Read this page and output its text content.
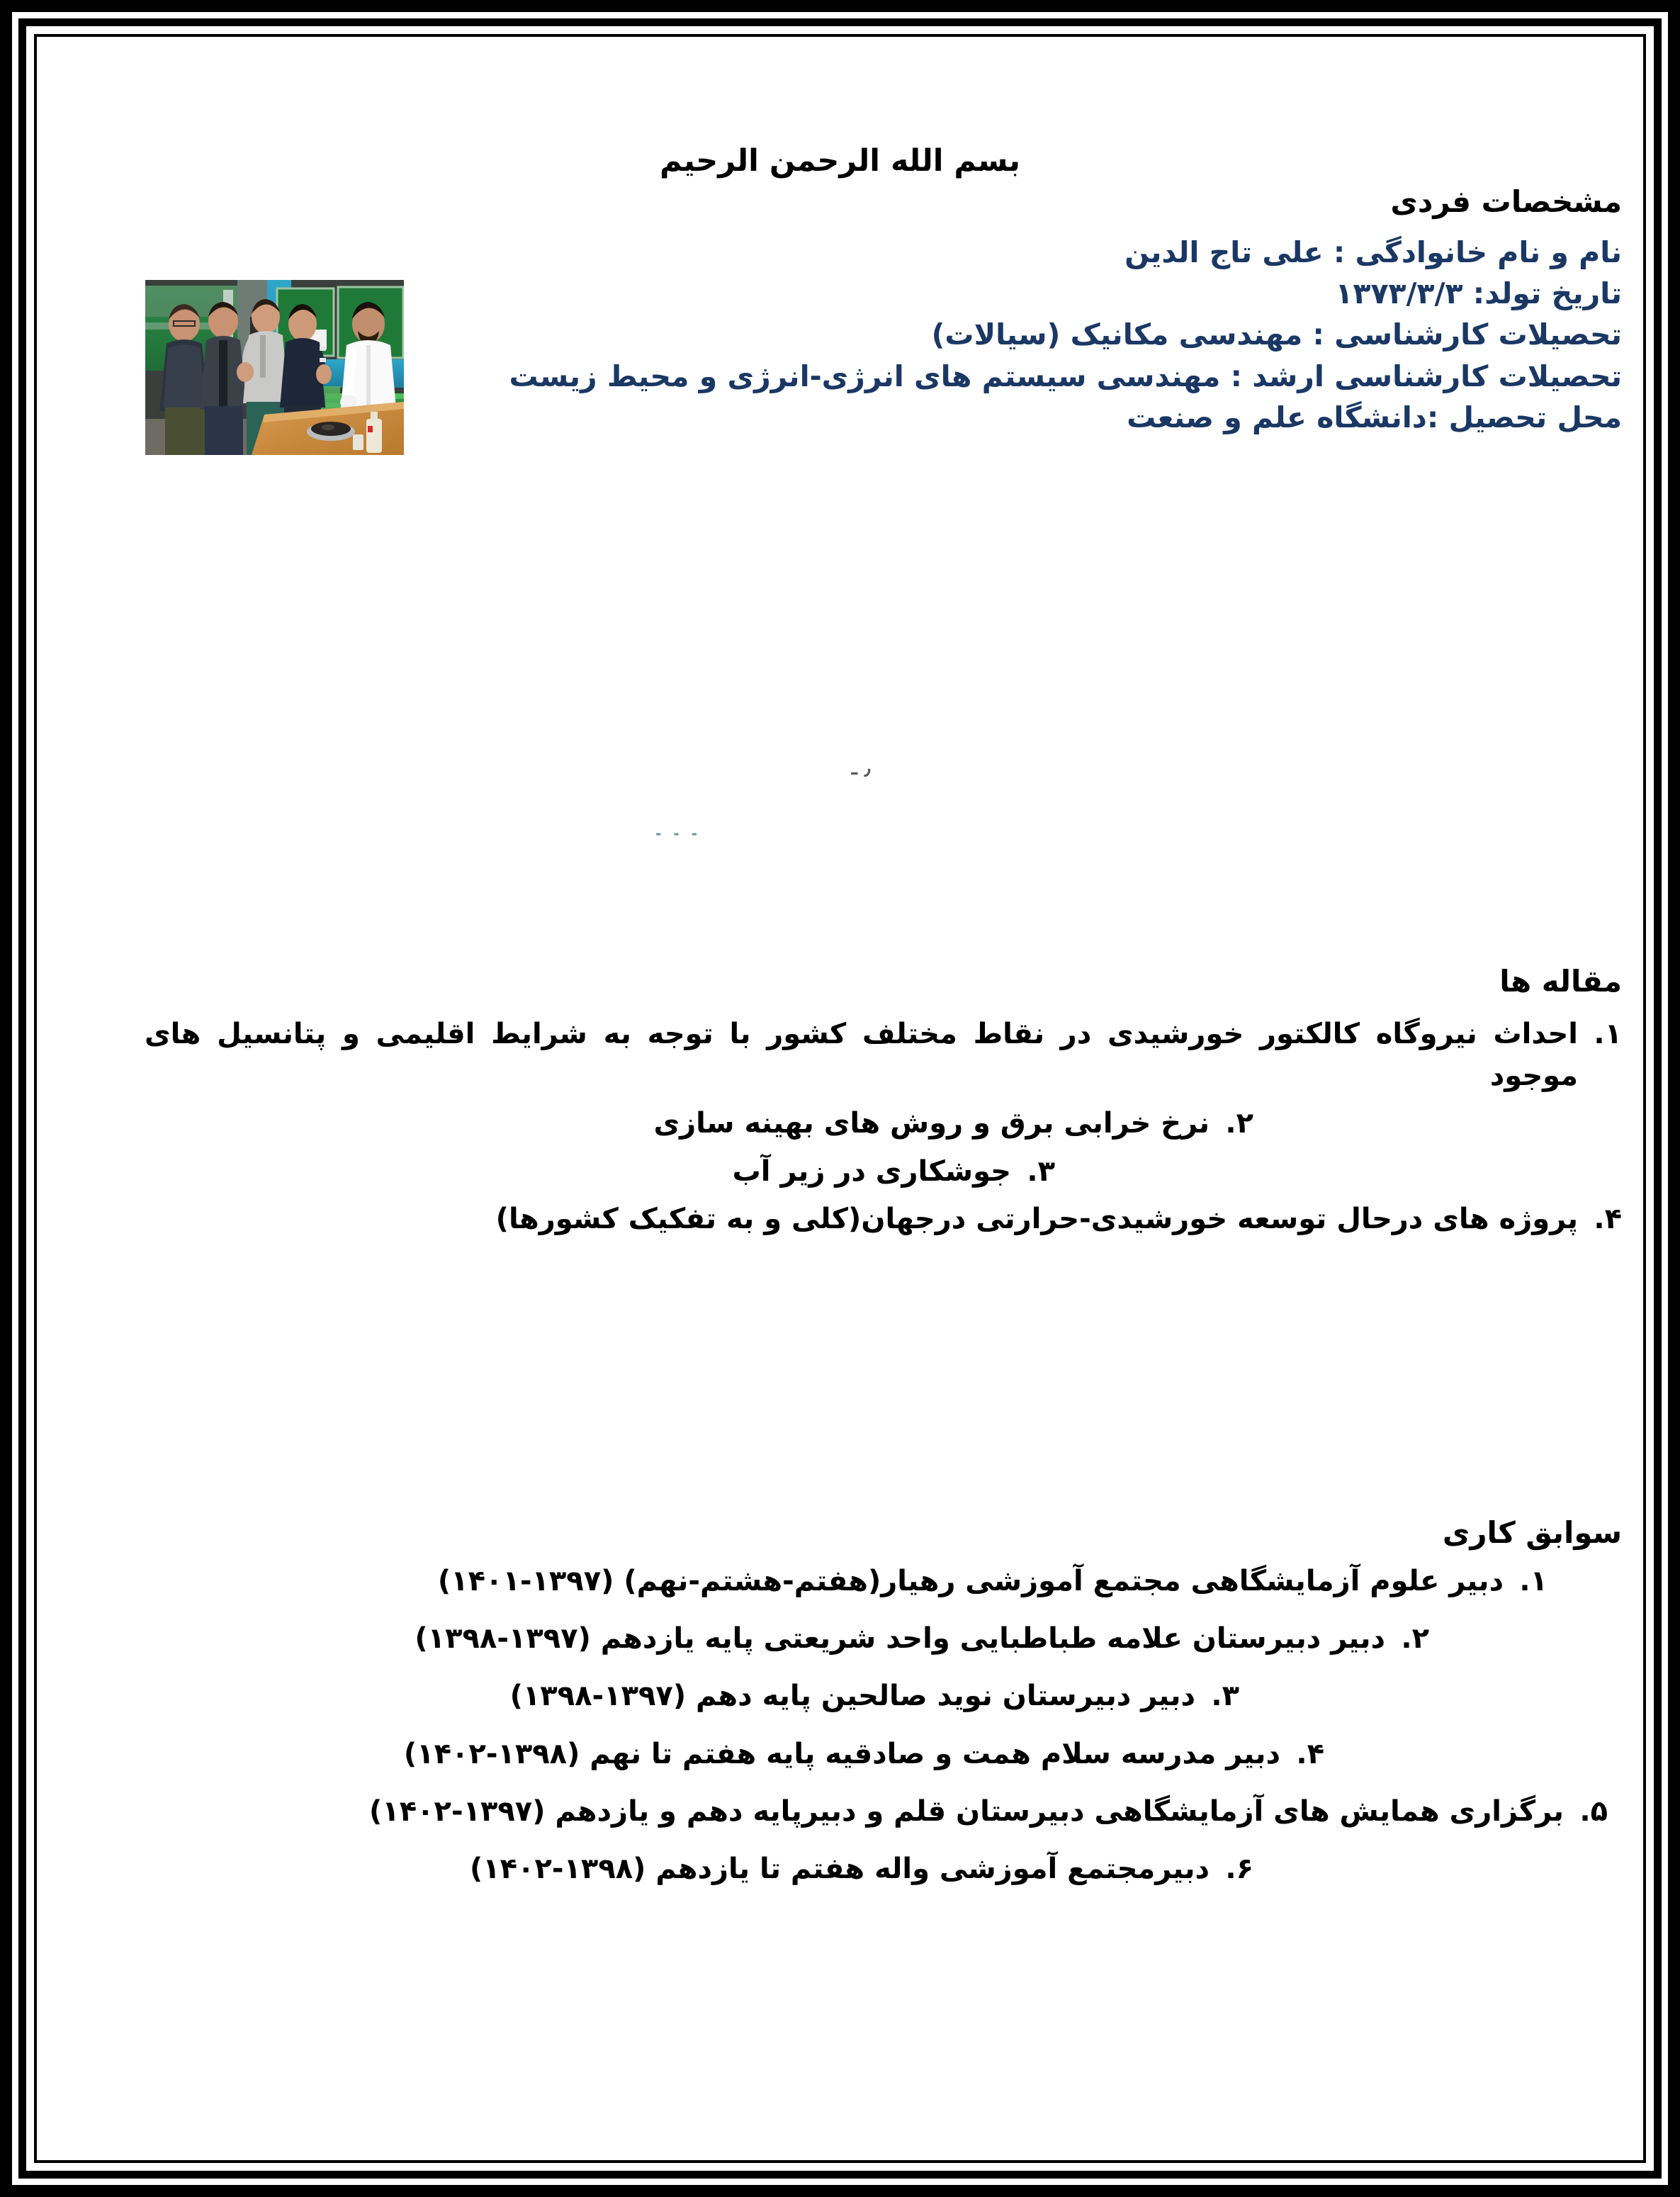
بسم الله الرحمن الرحیم
مشخصات فردی
نام و نام خانوادگی : علی تاج الدین
تاریخ تولد: ۱۳۷۳/۳/۳
تحصیلات کارشناسی : مهندسی مکانیک (سیالات)
تحصیلات کارشناسی ارشد : مهندسی سیستم های انرژی-انرژی و محیط زیست
محل تحصیل :دانشگاه علم و صنعت
٫ ـ
- - -
مقاله ها
۱.
احداث نیروگاه کالکتور خورشیدی در نقاط مختلف کشور با توجه به شرایط اقلیمی و پتانسیل های موجود
۲.
نرخ خرابی برق و روش های بهینه سازی
۳.
جوشکاری در زیر آب
۴.
پروژه های درحال توسعه خورشیدی-حرارتی درجهان(کلی و به تفکیک کشورها)
سوابق کاری
۱.
دبیر علوم آزمایشگاهی مجتمع آموزشی رهیار(هفتم-هشتم-نهم) (۱۳۹۷-۱۴۰۱)
۲.
دبیر دبیرستان علامه طباطبایی واحد شریعتی پایه یازدهم (۱۳۹۷-۱۳۹۸)
۳.
دبیر دبیرستان نوید صالحین پایه دهم (۱۳۹۷-۱۳۹۸)
۴.
دبیر مدرسه سلام همت و صادقیه پایه هفتم تا نهم (۱۳۹۸-۱۴۰۲)
۵.
برگزاری همایش های آزمایشگاهی دبیرستان قلم و دبیرپایه دهم و یازدهم (۱۳۹۷-۱۴۰۲)
۶.
دبیرمجتمع آموزشی واله هفتم تا یازدهم (۱۳۹۸-۱۴۰۲)
